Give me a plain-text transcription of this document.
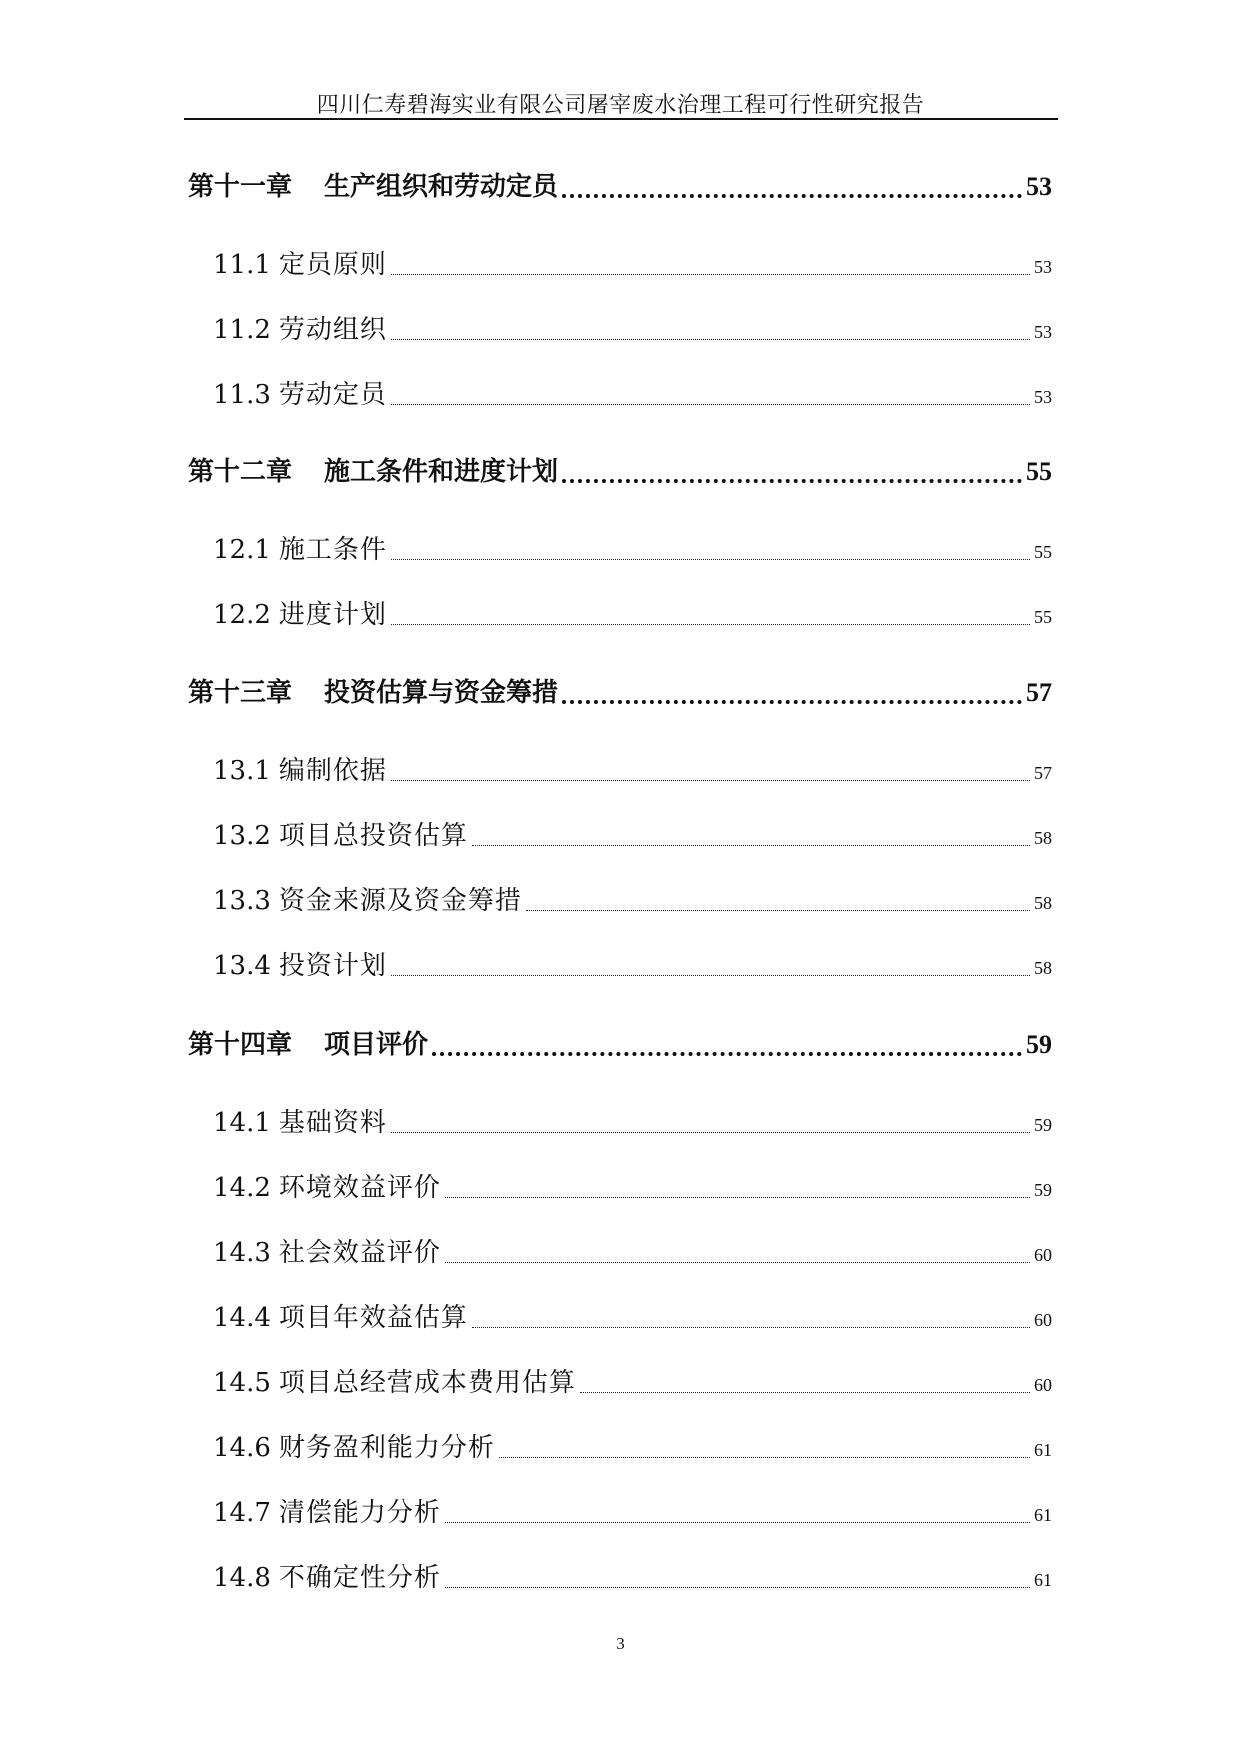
四川仁寿碧海实业有限公司屠宰废水治理工程可行性研究报告
第十一章 生产组织和劳动定员	53
11.1 定员原则	53
11.2 劳动组织	53
11.3 劳动定员	53
第十二章 施工条件和进度计划	55
12.1 施工条件	55
12.2 进度计划	55
第十三章 投资估算与资金筹措	57
13.1 编制依据	57
13.2 项目总投资估算	58
13.3 资金来源及资金筹措	58
13.4 投资计划	58
第十四章 项目评价	59
14.1 基础资料	59
14.2 环境效益评价	59
14.3 社会效益评价	60
14.4 项目年效益估算	60
14.5 项目总经营成本费用估算	60
14.6 财务盈利能力分析	61
14.7 清偿能力分析	61
14.8 不确定性分析	61
3
